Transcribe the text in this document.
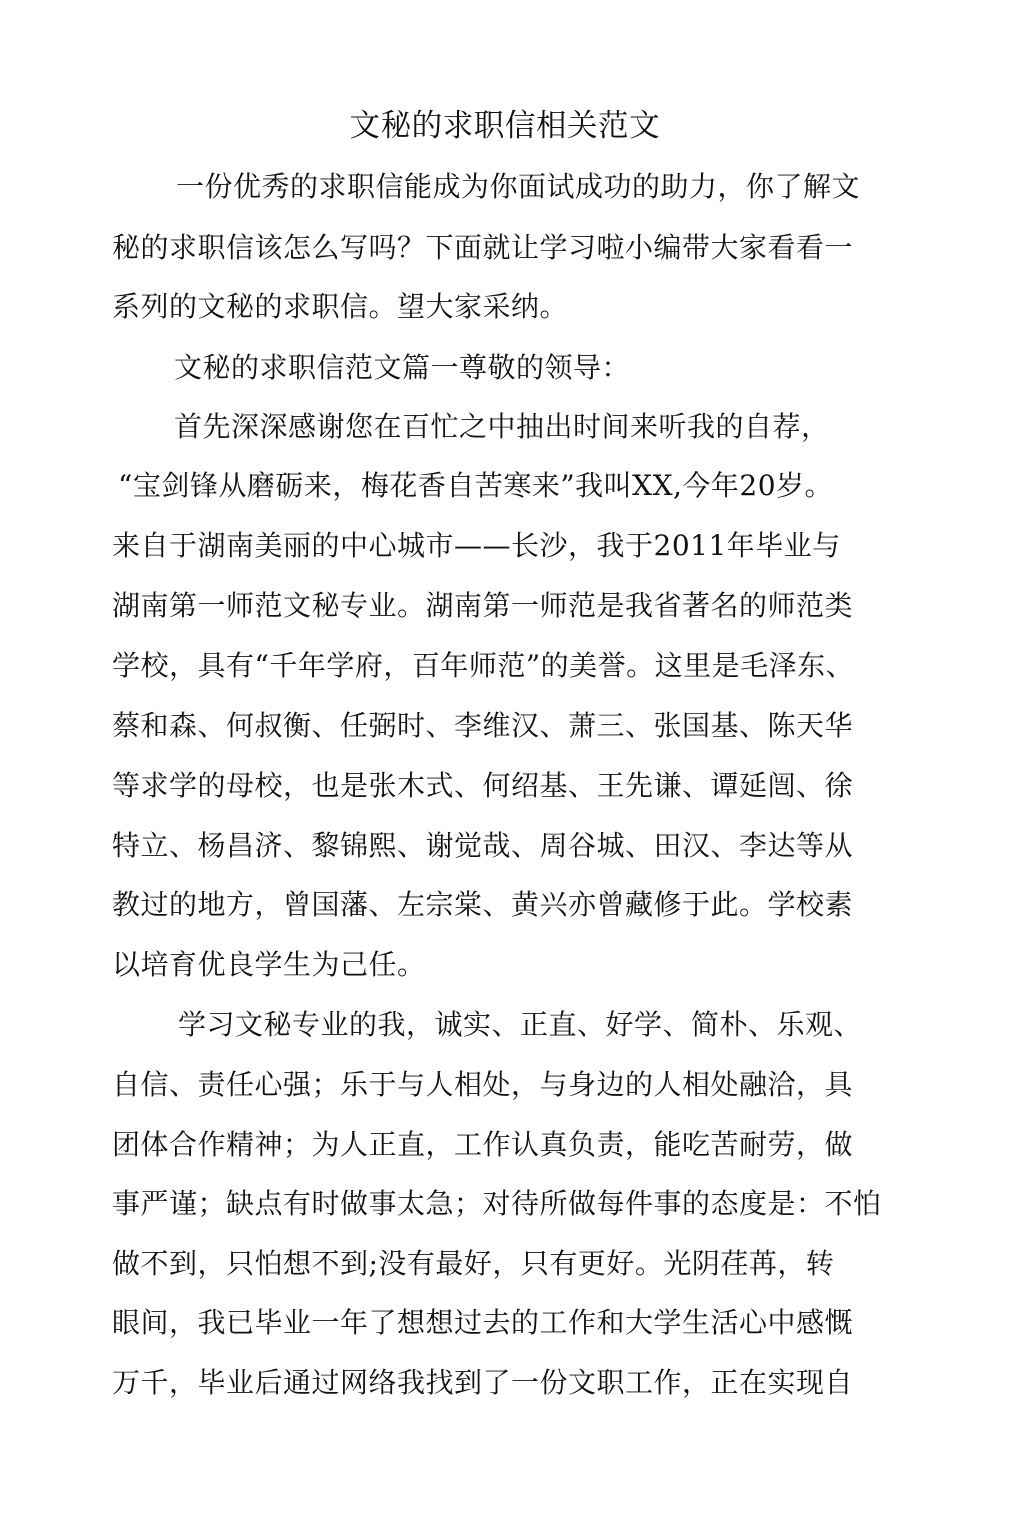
文秘的求职信相关范文
一份优秀的求职信能成为你面试成功的助力，你了解文
秘的求职信该怎么写吗？下面就让学习啦小编带大家看看一
系列的文秘的求职信。望大家采纳。
文秘的求职信范文篇一尊敬的领导：
首先深深感谢您在百忙之中抽出时间来听我的自荐，
“宝剑锋从磨砺来，梅花香自苦寒来”我叫XX,今年20岁。
来自于湖南美丽的中心城市——长沙，我于2011年毕业与
湖南第一师范文秘专业。湖南第一师范是我省著名的师范类
学校，具有“千年学府，百年师范”的美誉。这里是毛泽东、
蔡和森、何叔衡、任弼时、李维汉、萧三、张国基、陈天华
等求学的母校，也是张木式、何绍基、王先谦、谭延闿、徐
特立、杨昌济、黎锦熙、谢觉哉、周谷城、田汉、李达等从
教过的地方，曾国藩、左宗棠、黄兴亦曾藏修于此。学校素
以培育优良学生为己任。
学习文秘专业的我，诚实、正直、好学、简朴、乐观、
自信、责任心强；乐于与人相处，与身边的人相处融洽，具
团体合作精神；为人正直，工作认真负责，能吃苦耐劳，做
事严谨；缺点有时做事太急；对待所做每件事的态度是：不怕
做不到，只怕想不到;没有最好，只有更好。光阴荏苒，转
眼间，我已毕业一年了想想过去的工作和大学生活心中感慨
万千，毕业后通过网络我找到了一份文职工作，正在实现自
